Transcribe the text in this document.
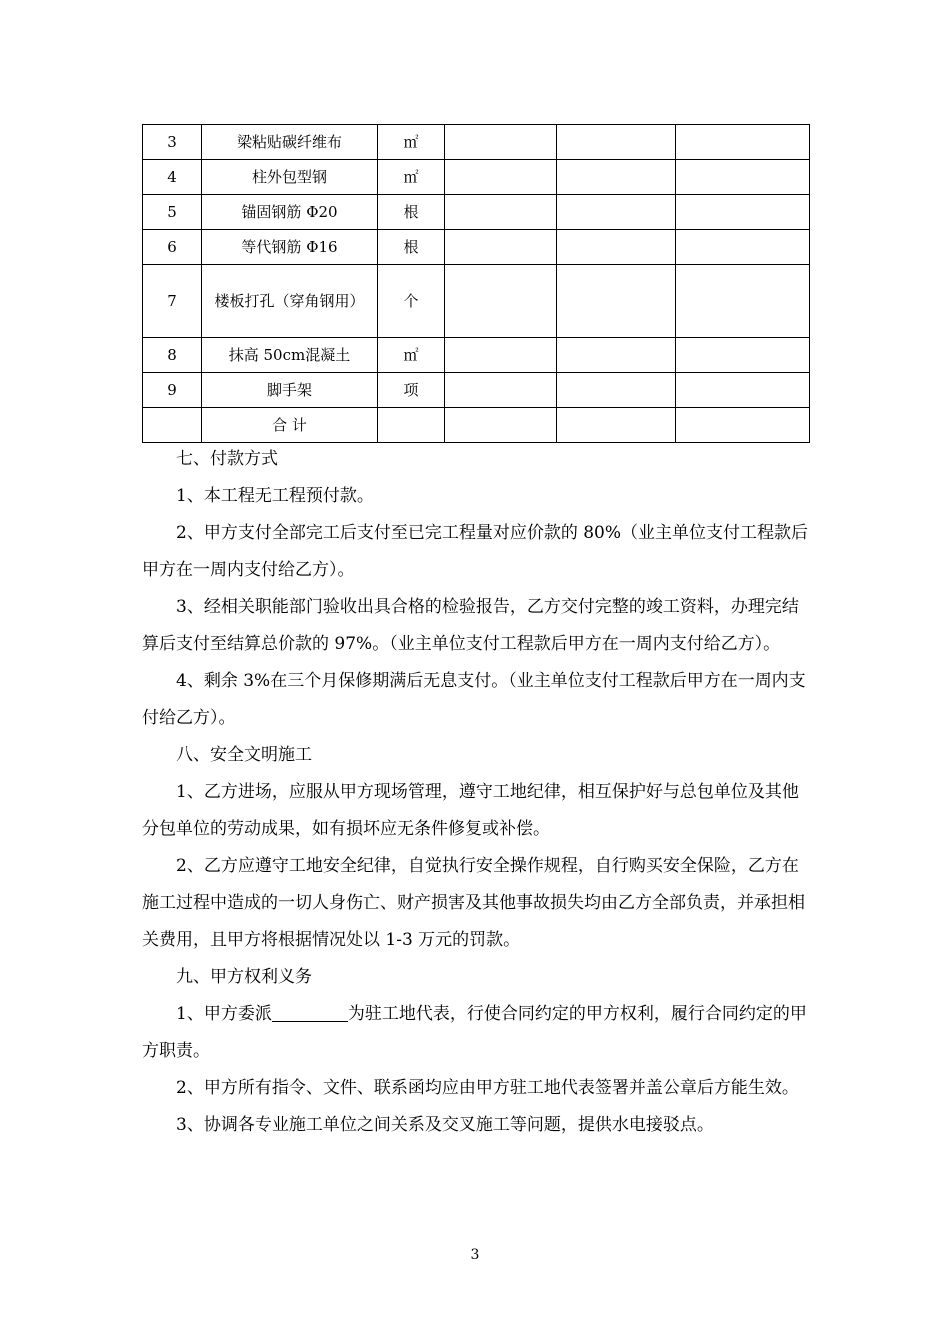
3	梁粘贴碳纤维布	㎡			
4	柱外包型钢	㎡			
5	锚固钢筋 Φ20	根			
6	等代钢筋 Φ16	根			
7	楼板打孔（穿角钢用）	个			
8	抹高 50cm混凝土	㎡			
9	脚手架	项			
	合 计				

七、付款方式

1、本工程无工程预付款。

2、甲方支付全部完工后支付至已完工程量对应价款的 80%（业主单位支付工程款后甲方在一周内支付给乙方）。

3、经相关职能部门验收出具合格的检验报告，乙方交付完整的竣工资料，办理完结算后支付至结算总价款的 97%。（业主单位支付工程款后甲方在一周内支付给乙方）。

4、剩余 3%在三个月保修期满后无息支付。（业主单位支付工程款后甲方在一周内支付给乙方）。

八、安全文明施工

1、乙方进场，应服从甲方现场管理，遵守工地纪律，相互保护好与总包单位及其他分包单位的劳动成果，如有损坏应无条件修复或补偿。

2、乙方应遵守工地安全纪律，自觉执行安全操作规程，自行购买安全保险，乙方在施工过程中造成的一切人身伤亡、财产损害及其他事故损失均由乙方全部负责，并承担相关费用，且甲方将根据情况处以 1-3 万元的罚款。

九、甲方权利义务

1、甲方委派	为驻工地代表，行使合同约定的甲方权利，履行合同约定的甲方职责。

2、甲方所有指令、文件、联系函均应由甲方驻工地代表签署并盖公章后方能生效。

3、协调各专业施工单位之间关系及交叉施工等问题，提供水电接驳点。

3
